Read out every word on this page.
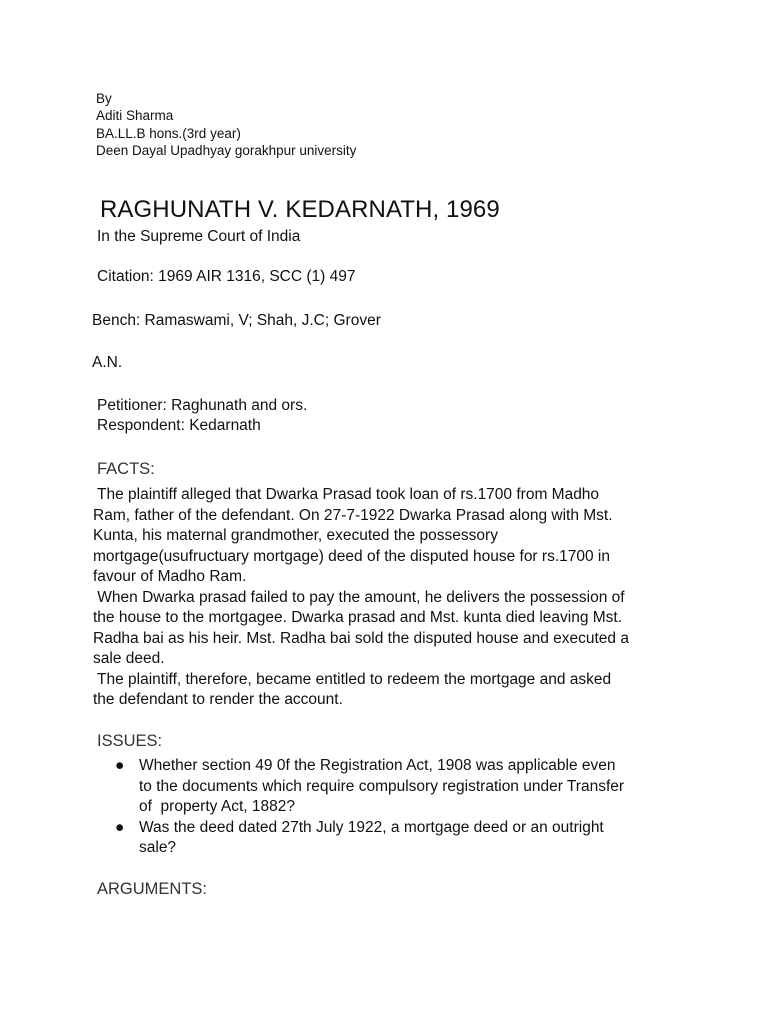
By
Aditi Sharma
BA.LL.B hons.(3rd year)
Deen Dayal Upadhyay gorakhpur university
RAGHUNATH V. KEDARNATH, 1969
In the Supreme Court of India
Citation: 1969 AIR 1316, SCC (1) 497
Bench: Ramaswami, V; Shah, J.C; Grover
A.N.
Petitioner: Raghunath and ors.
Respondent: Kedarnath
FACTS:
The plaintiff alleged that Dwarka Prasad took loan of rs.1700 from Madho
Ram, father of the defendant. On 27-7-1922 Dwarka Prasad along with Mst.
Kunta, his maternal grandmother, executed the possessory
mortgage(usufructuary mortgage) deed of the disputed house for rs.1700 in
favour of Madho Ram.
When Dwarka prasad failed to pay the amount, he delivers the possession of
the house to the mortgagee. Dwarka prasad and Mst. kunta died leaving Mst.
Radha bai as his heir. Mst. Radha bai sold the disputed house and executed a
sale deed.
The plaintiff, therefore, became entitled to redeem the mortgage and asked
the defendant to render the account.
ISSUES:
● Whether section 49 0f the Registration Act, 1908 was applicable even
to the documents which require compulsory registration under Transfer
of  property Act, 1882?
● Was the deed dated 27th July 1922, a mortgage deed or an outright
sale?
ARGUMENTS:
